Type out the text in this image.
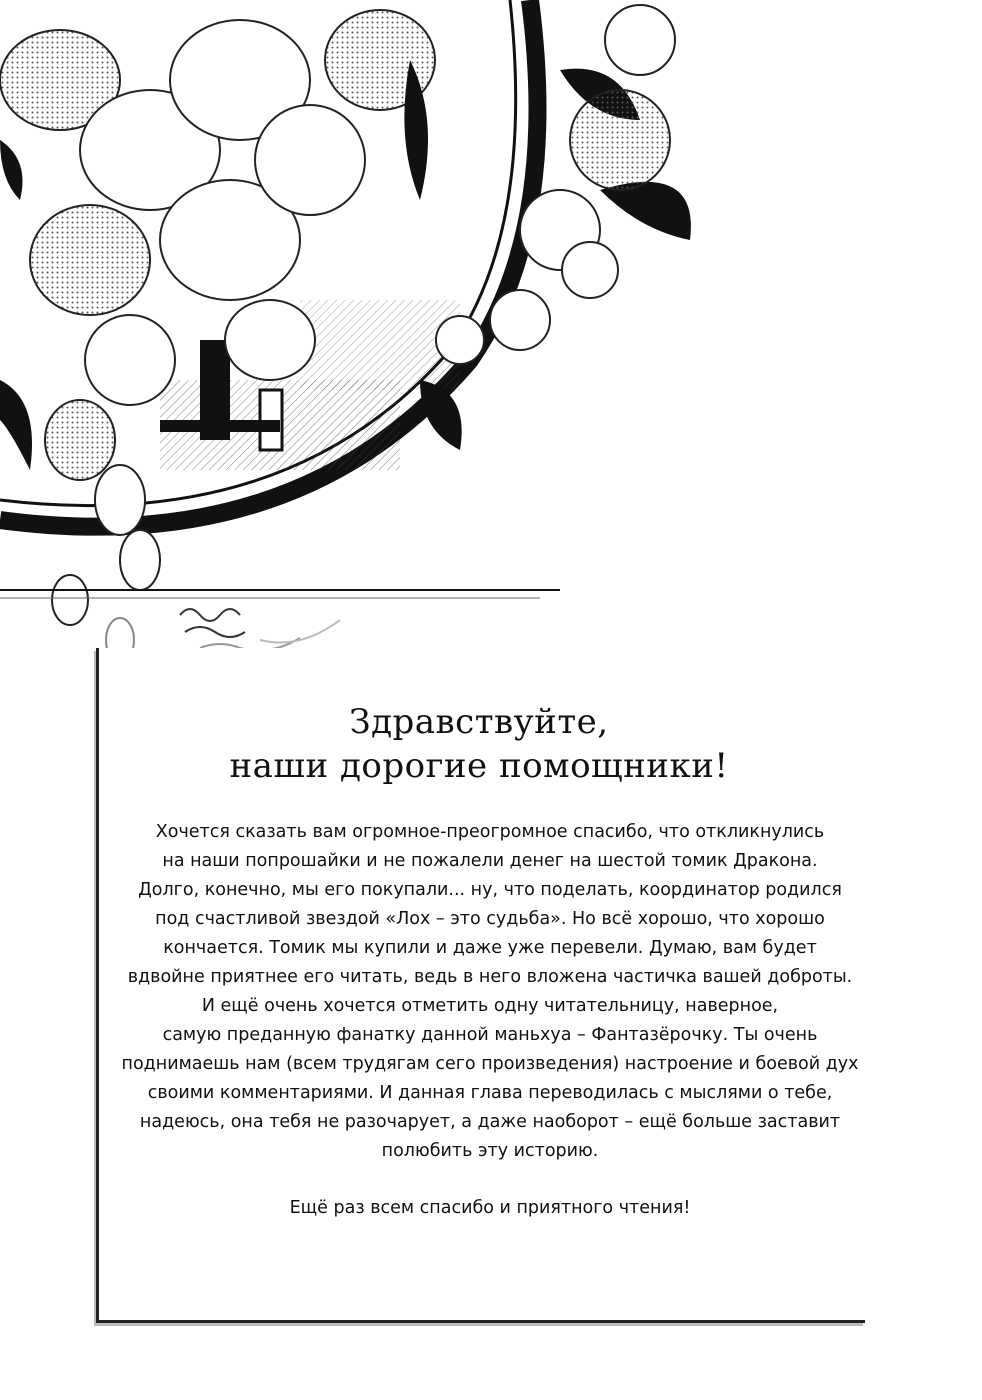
Здравствуйте,
наши дорогие помощники!
Хочется сказать вам огромное-преогромное спасибо, что откликнулись
на наши попрошайки и не пожалели денег на шестой томик Дракона.
Долго, конечно, мы его покупали... ну, что поделать, координатор родился
под счастливой звездой «Лох – это судьба». Но всё хорошо, что хорошо
кончается. Томик мы купили и даже уже перевели. Думаю, вам будет
вдвойне приятнее его читать, ведь в него вложена частичка вашей доброты.
И ещё очень хочется отметить одну читательницу, наверное,
самую преданную фанатку данной маньхуа – Фантазёрочку. Ты очень
поднимаешь нам (всем трудягам сего произведения) настроение и боевой дух
своими комментариями. И данная глава переводилась с мыслями о тебе,
надеюсь, она тебя не разочарует, а даже наоборот – ещё больше заставит
полюбить эту историю.
Ещё раз всем спасибо и приятного чтения!
